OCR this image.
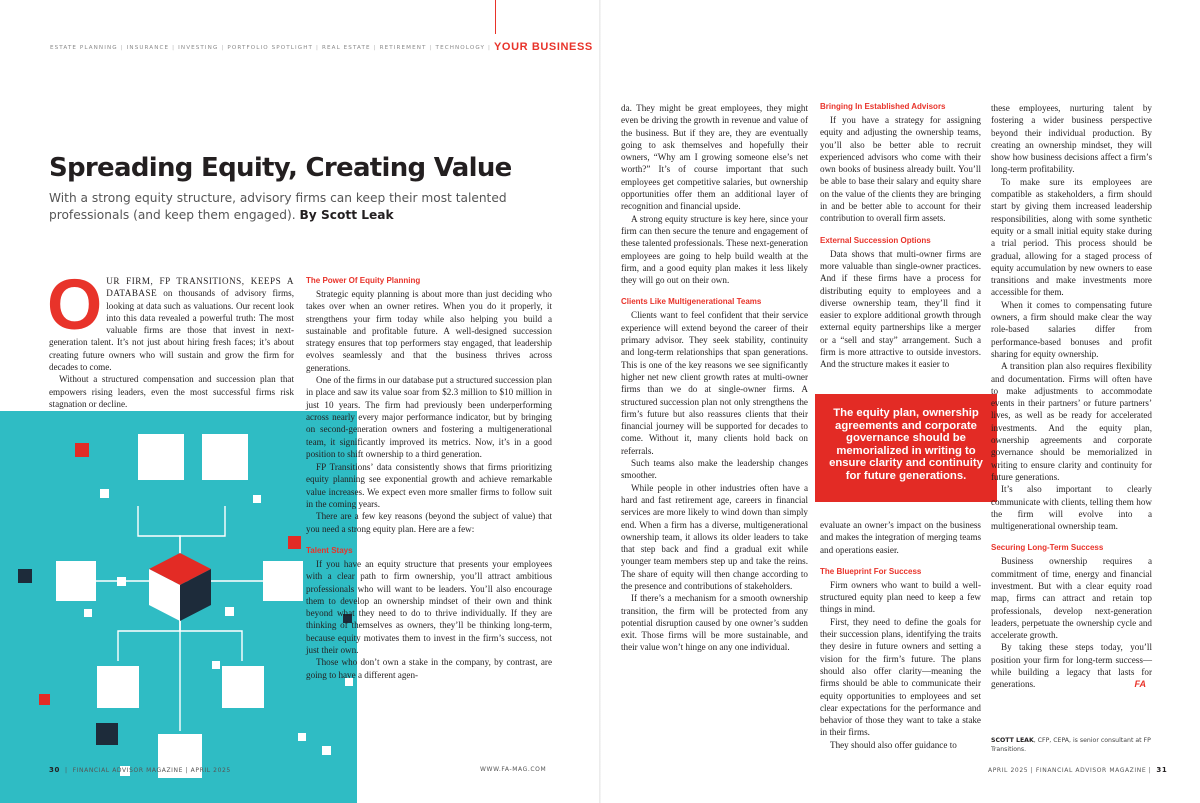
ESTATE PLANNING | INSURANCE | INVESTING | PORTFOLIO SPOTLIGHT | REAL ESTATE | RETIREMENT | TECHNOLOGY | YOUR BUSINESS
Spreading Equity, Creating Value
With a strong equity structure, advisory firms can keep their most talented professionals (and keep them engaged). By Scott Leak

OUR FIRM, FP TRANSITIONS, KEEPS A DATABASE on thousands of advisory firms, looking at data such as valuations. Our recent look into this data revealed a powerful truth: The most valuable firms are those that invest in next-generation talent. It’s not just about hiring fresh faces; it’s about creating future owners who will sustain and grow the firm for decades to come.

Without a structured compensation and succession plan that empowers rising leaders, even the most successful firms risk stagnation or decline.

The Power Of Equity Planning

Strategic equity planning is about more than just deciding who takes over when an owner retires. When you do it properly, it strengthens your firm today while also helping you build a sustainable and profitable future. A well-designed succession strategy ensures that top performers stay engaged, that leadership evolves seamlessly and that the business thrives across generations.

One of the firms in our database put a structured succession plan in place and saw its value soar from $2.3 million to $10 million in just 10 years. The firm had previously been underperforming across nearly every major performance indicator, but by bringing on second-generation owners and fostering a multigenerational team, it significantly improved its metrics. Now, it’s in a good position to shift ownership to a third generation.

FP Transitions’ data consistently shows that firms prioritizing equity planning see exponential growth and achieve remarkable value increases. We expect even more smaller firms to follow suit in the coming years.

There are a few key reasons (beyond the subject of value) that you need a strong equity plan. Here are a few:

Talent Stays

If you have an equity structure that presents your employees with a clear path to firm ownership, you’ll attract ambitious professionals who will want to be leaders. You’ll also encourage them to develop an ownership mindset of their own and think beyond what they need to do to thrive individually. If they are thinking of themselves as owners, they’ll be thinking long-term, because equity motivates them to invest in the firm’s success, not just their own.

Those who don’t own a stake in the company, by contrast, are going to have a different agen-

da. They might be great employees, they might even be driving the growth in revenue and value of the business. But if they are, they are eventually going to ask themselves and hopefully their owners, “Why am I growing someone else’s net worth?” It’s of course important that such employees get competitive salaries, but ownership opportunities offer them an additional layer of recognition and financial upside.

A strong equity structure is key here, since your firm can then secure the tenure and engagement of these talented professionals. These next-generation employees are going to help build wealth at the firm, and a good equity plan makes it less likely they will go out on their own.

Clients Like Multigenerational Teams

Clients want to feel confident that their service experience will extend beyond the career of their primary advisor. They seek stability, continuity and long-term relationships that span generations. This is one of the key reasons we see significantly higher net new client growth rates at multi-owner firms than we do at single-owner firms. A structured succession plan not only strengthens the firm’s future but also reassures clients that their financial journey will be supported for decades to come. Without it, many clients hold back on referrals.

Such teams also make the leadership changes smoother.

While people in other industries often have a hard and fast retirement age, careers in financial services are more likely to wind down than simply end. When a firm has a diverse, multigenerational ownership team, it allows its older leaders to take that step back and find a gradual exit while younger team members step up and take the reins. The share of equity will then change according to the presence and contributions of stakeholders.

If there’s a mechanism for a smooth ownership transition, the firm will be protected from any potential disruption caused by one owner’s sudden exit. Those firms will be more sustainable, and their value won’t hinge on any one individual.

Bringing In Established Advisors

If you have a strategy for assigning equity and adjusting the ownership teams, you’ll also be better able to recruit experienced advisors who come with their own books of business already built. You’ll be able to base their salary and equity share on the value of the clients they are bringing in and be better able to account for their contribution to overall firm assets.

External Succession Options

Data shows that multi-owner firms are more valuable than single-owner practices. And if these firms have a process for distributing equity to employees and a diverse ownership team, they’ll find it easier to explore additional growth through external equity partnerships like a merger or a “sell and stay” arrangement. Such a firm is more attractive to outside investors. And the structure makes it easier to

The equity plan, ownership agreements and corporate governance should be memorialized in writing to ensure clarity and continuity for future generations.

evaluate an owner’s impact on the business and makes the integration of merging teams and operations easier.

The Blueprint For Success

Firm owners who want to build a well-structured equity plan need to keep a few things in mind.

First, they need to define the goals for their succession plans, identifying the traits they desire in future owners and setting a vision for the firm’s future. The plans should also offer clarity—meaning the firms should be able to communicate their equity opportunities to employees and set clear expectations for the performance and behavior of those they want to take a stake in their firms.

They should also offer guidance to

these employees, nurturing talent by fostering a wider business perspective beyond their individual production. By creating an ownership mindset, they will show how business decisions affect a firm’s long-term profitability.

To make sure its employees are compatible as stakeholders, a firm should start by giving them increased leadership responsibilities, along with some synthetic equity or a small initial equity stake during a trial period. This process should be gradual, allowing for a staged process of equity accumulation by new owners to ease transitions and make investments more accessible for them.

When it comes to compensating future owners, a firm should make clear the way role-based salaries differ from performance-based bonuses and profit sharing for equity ownership.

A transition plan also requires flexibility and documentation. Firms will often have to make adjustments to accommodate events in their partners’ or future partners’ lives, as well as be ready for accelerated investments. And the equity plan, ownership agreements and corporate governance should be memorialized in writing to ensure clarity and continuity for future generations.

It’s also important to clearly communicate with clients, telling them how the firm will evolve into a multigenerational ownership team.

Securing Long-Term Success

Business ownership requires a commitment of time, energy and financial investment. But with a clear equity road map, firms can attract and retain top professionals, develop next-generation leaders, perpetuate the ownership cycle and accelerate growth.

By taking these steps today, you’ll position your firm for long-term success—while building a legacy that lasts for generations.	FA

SCOTT LEAK, CFP, CEPA, is senior consultant at FP Transitions.
30  |  FINANCIAL ADVISOR MAGAZINE | APRIL 2025	WWW.FA-MAG.COM	APRIL 2025 | FINANCIAL ADVISOR MAGAZINE | 31
